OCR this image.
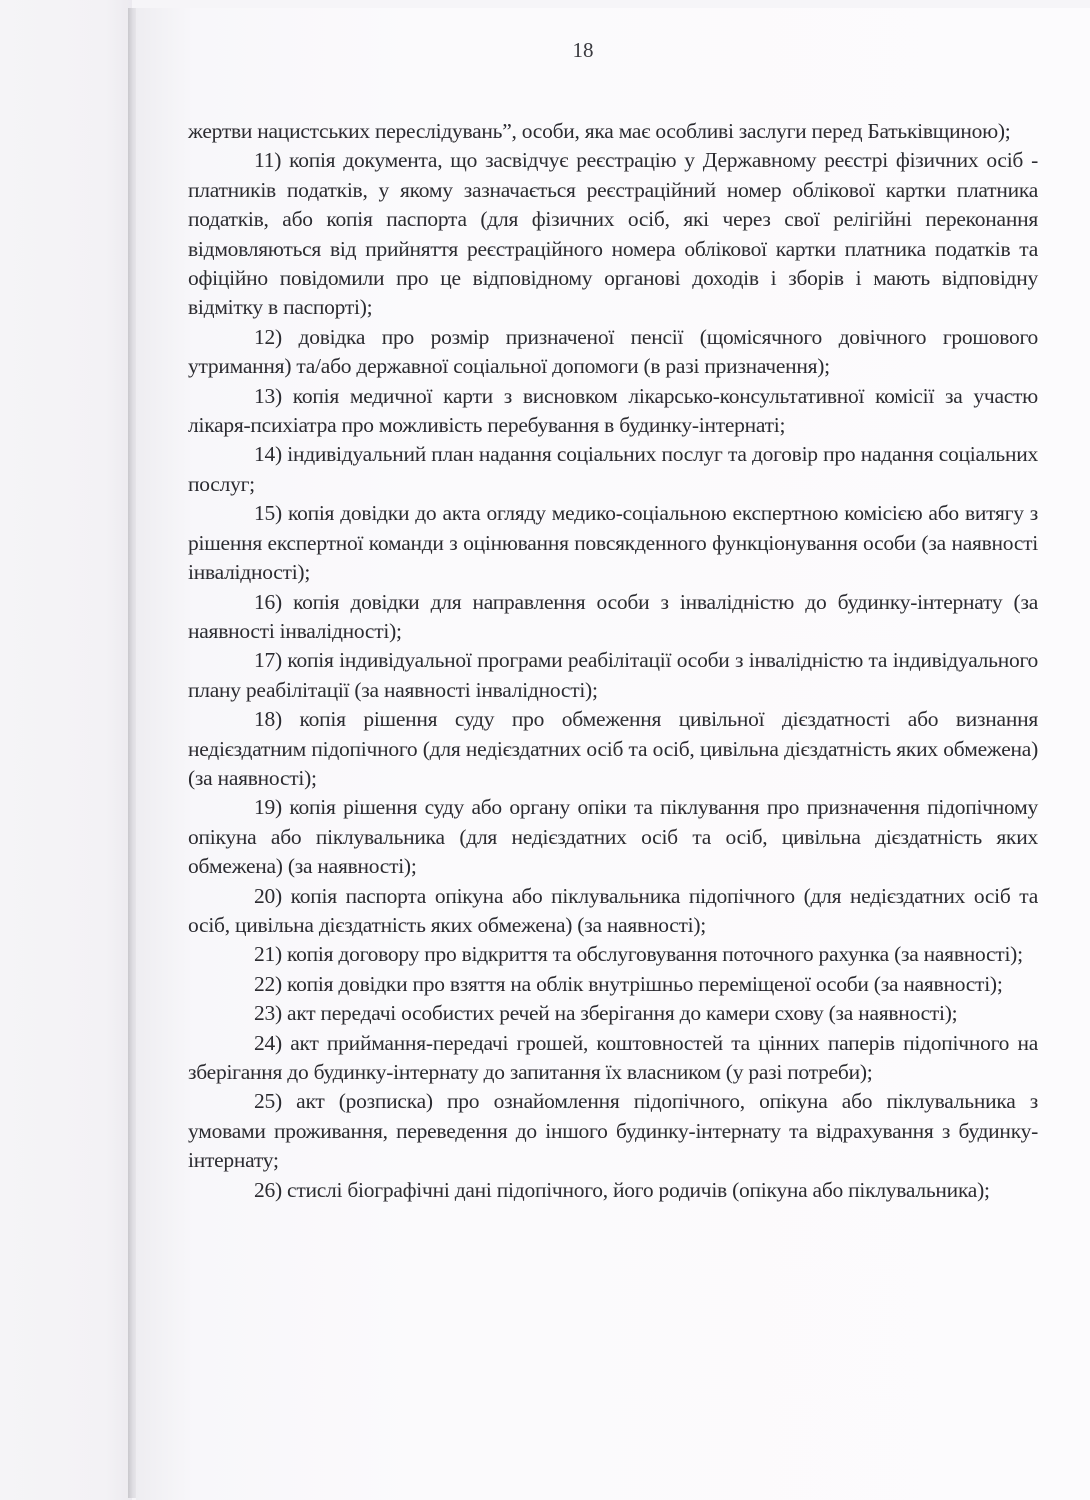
18

жертви нацистських переслідувань”, особи, яка має особливі заслуги перед Батьківщиною);

11) копія документа, що засвідчує реєстрацію у Державному реєстрі фізичних осіб - платників податків, у якому зазначається реєстраційний номер облікової картки платника податків, або копія паспорта (для фізичних осіб, які через свої релігійні переконання відмовляються від прийняття реєстраційного номера облікової картки платника податків та офіційно повідомили про це відповідному органові доходів і зборів і мають відповідну відмітку в паспорті);

12) довідка про розмір призначеної пенсії (щомісячного довічного грошового утримання) та/або державної соціальної допомоги (в разі призначення);

13) копія медичної карти з висновком лікарсько-консультативної комісії за участю лікаря-психіатра про можливість перебування в будинку-інтернаті;

14) індивідуальний план надання соціальних послуг та договір про надання соціальних послуг;

15) копія довідки до акта огляду медико-соціальною експертною комісією або витягу з рішення експертної команди з оцінювання повсякденного функціонування особи (за наявності інвалідності);

16) копія довідки для направлення особи з інвалідністю до будинку-інтернату (за наявності інвалідності);

17) копія індивідуальної програми реабілітації особи з інвалідністю та індивідуального плану реабілітації (за наявності інвалідності);

18) копія рішення суду про обмеження цивільної дієздатності або визнання недієздатним підопічного (для недієздатних осіб та осіб, цивільна дієздатність яких обмежена) (за наявності);

19) копія рішення суду або органу опіки та піклування про призначення підопічному опікуна або піклувальника (для недієздатних осіб та осіб, цивільна дієздатність яких обмежена) (за наявності);

20) копія паспорта опікуна або піклувальника підопічного (для недієздатних осіб та осіб, цивільна дієздатність яких обмежена) (за наявності);

21) копія договору про відкриття та обслуговування поточного рахунка (за наявності);

22) копія довідки про взяття на облік внутрішньо переміщеної особи (за наявності);

23) акт передачі особистих речей на зберігання до камери схову (за наявності);

24) акт приймання-передачі грошей, коштовностей та цінних паперів підопічного на зберігання до будинку-інтернату до запитання їх власником (у разі потреби);

25) акт (розписка) про ознайомлення підопічного, опікуна або піклувальника з умовами проживання, переведення до іншого будинку-інтернату та відрахування з будинку-інтернату;

26) стислі біографічні дані підопічного, його родичів (опікуна або піклувальника);
